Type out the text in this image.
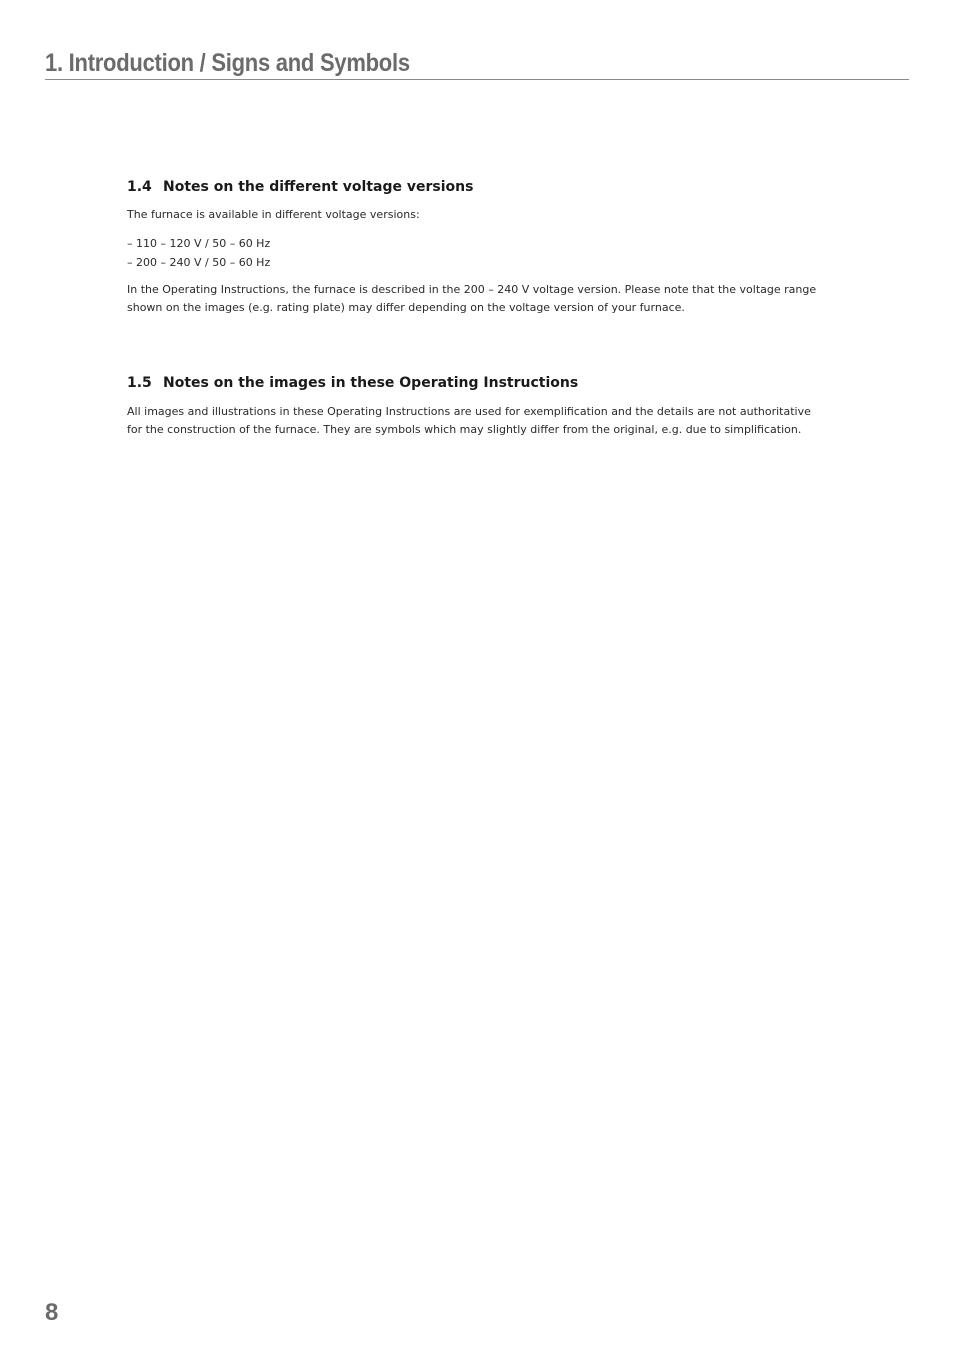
1. Introduction / Signs and Symbols
1.4 Notes on the different voltage versions

The furnace is available in different voltage versions:

– 110 – 120 V / 50 – 60 Hz
– 200 – 240 V / 50 – 60 Hz

In the Operating Instructions, the furnace is described in the 200 – 240 V voltage version. Please note that the voltage range shown on the images (e.g. rating plate) may differ depending on the voltage version of your furnace.

1.5 Notes on the images in these Operating Instructions

All images and illustrations in these Operating Instructions are used for exemplification and the details are not authoritative for the construction of the furnace. They are symbols which may slightly differ from the original, e.g. due to simplification.

8
